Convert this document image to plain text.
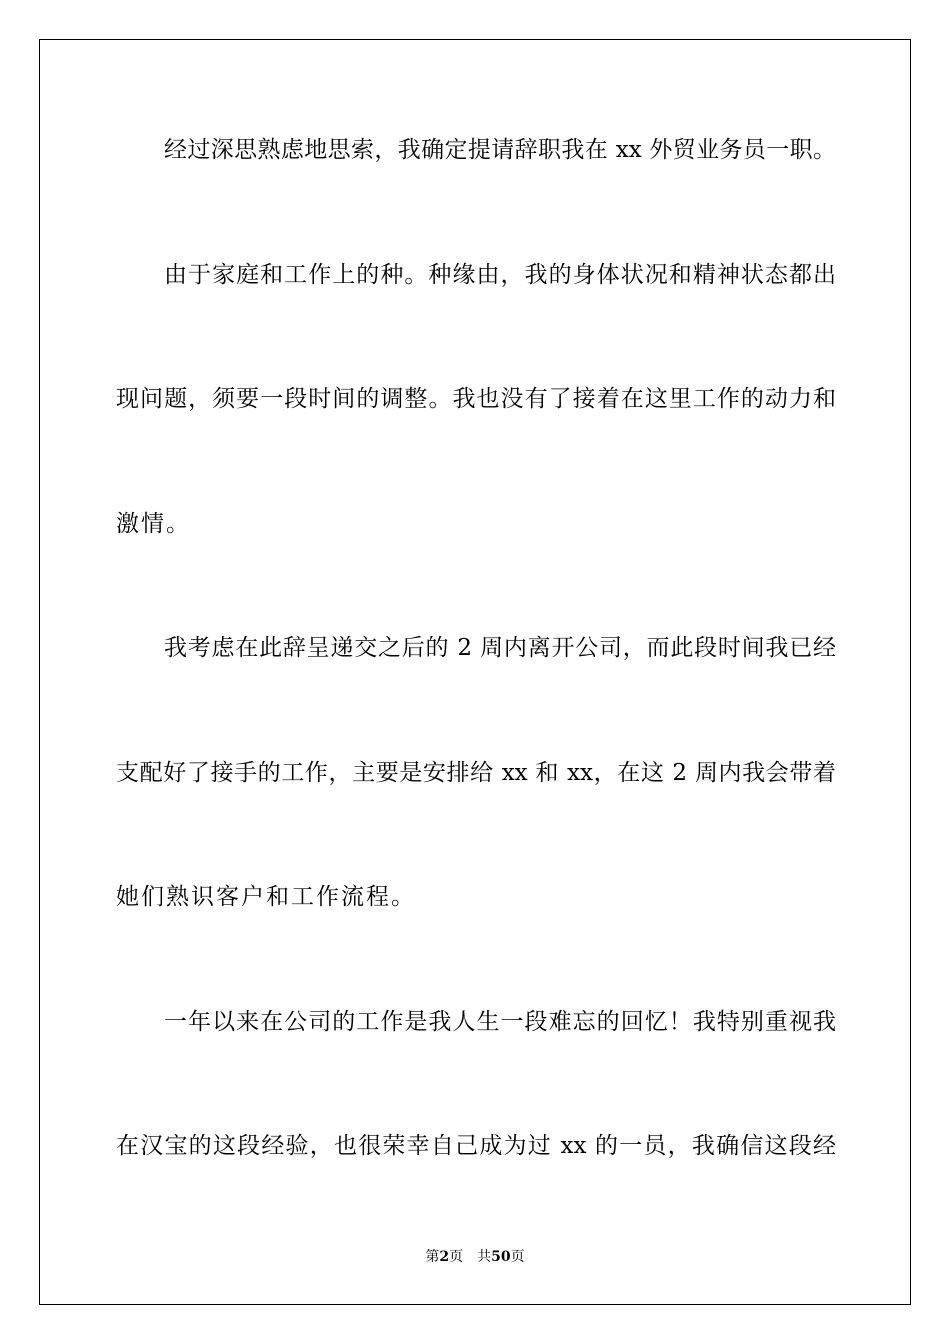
经过深思熟虑地思索，我确定提请辞职我在 xx 外贸业务员一职。
由于家庭和工作上的种。种缘由，我的身体状况和精神状态都出
现问题，须要一段时间的调整。我也没有了接着在这里工作的动力和
激情。
我考虑在此辞呈递交之后的 2 周内离开公司，而此段时间我已经
支配好了接手的工作，主要是安排给 xx 和 xx，在这 2 周内我会带着
她们熟识客户和工作流程。
一年以来在公司的工作是我人生一段难忘的回忆！我特别重视我
在汉宝的这段经验，也很荣幸自己成为过 xx 的一员，我确信这段经
第2页 共50页
